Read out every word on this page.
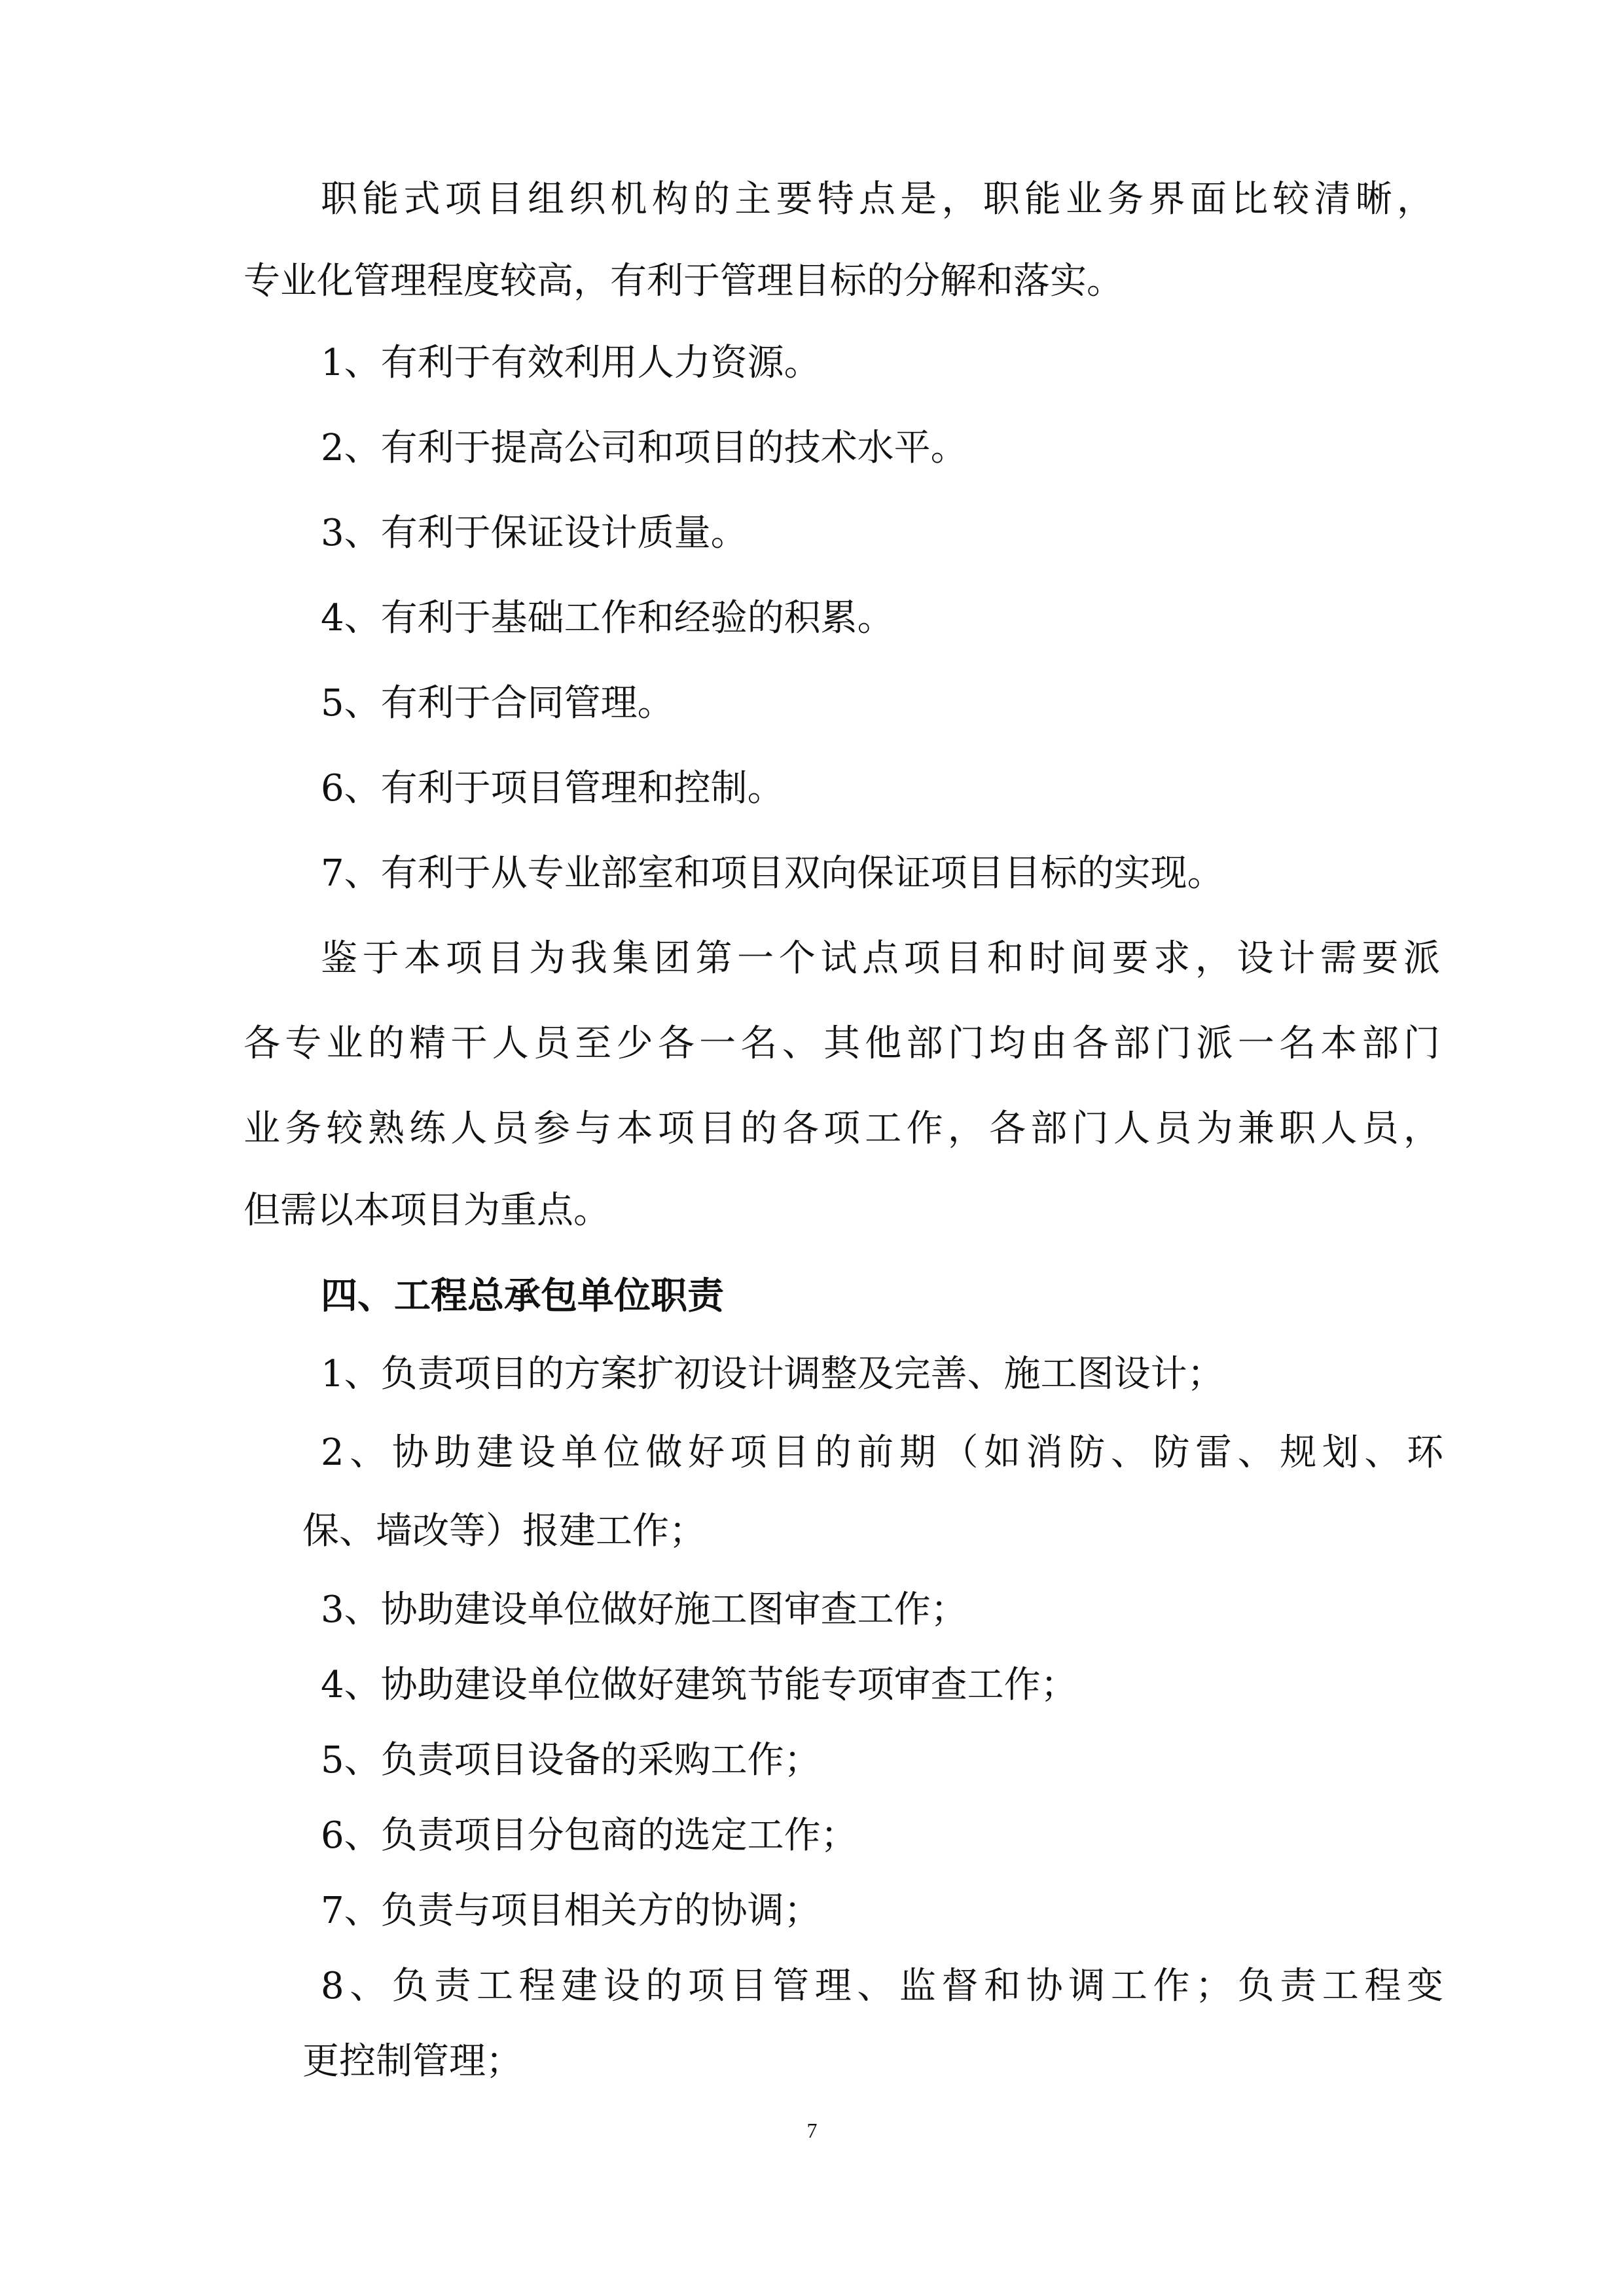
职能式项目组织机构的主要特点是，职能业务界面比较清晰，
专业化管理程度较高，有利于管理目标的分解和落实。
1、有利于有效利用人力资源。
2、有利于提高公司和项目的技术水平。
3、有利于保证设计质量。
4、有利于基础工作和经验的积累。
5、有利于合同管理。
6、有利于项目管理和控制。
7、有利于从专业部室和项目双向保证项目目标的实现。
鉴于本项目为我集团第一个试点项目和时间要求，设计需要派
各专业的精干人员至少各一名、其他部门均由各部门派一名本部门
业务较熟练人员参与本项目的各项工作，各部门人员为兼职人员，
但需以本项目为重点。
四、工程总承包单位职责
1、负责项目的方案扩初设计调整及完善、施工图设计；
2、协助建设单位做好项目的前期（如消防、防雷、规划、环
保、墙改等）报建工作；
3、协助建设单位做好施工图审查工作；
4、协助建设单位做好建筑节能专项审查工作；
5、负责项目设备的采购工作；
6、负责项目分包商的选定工作；
7、负责与项目相关方的协调；
8、负责工程建设的项目管理、监督和协调工作；负责工程变
更控制管理；
7
